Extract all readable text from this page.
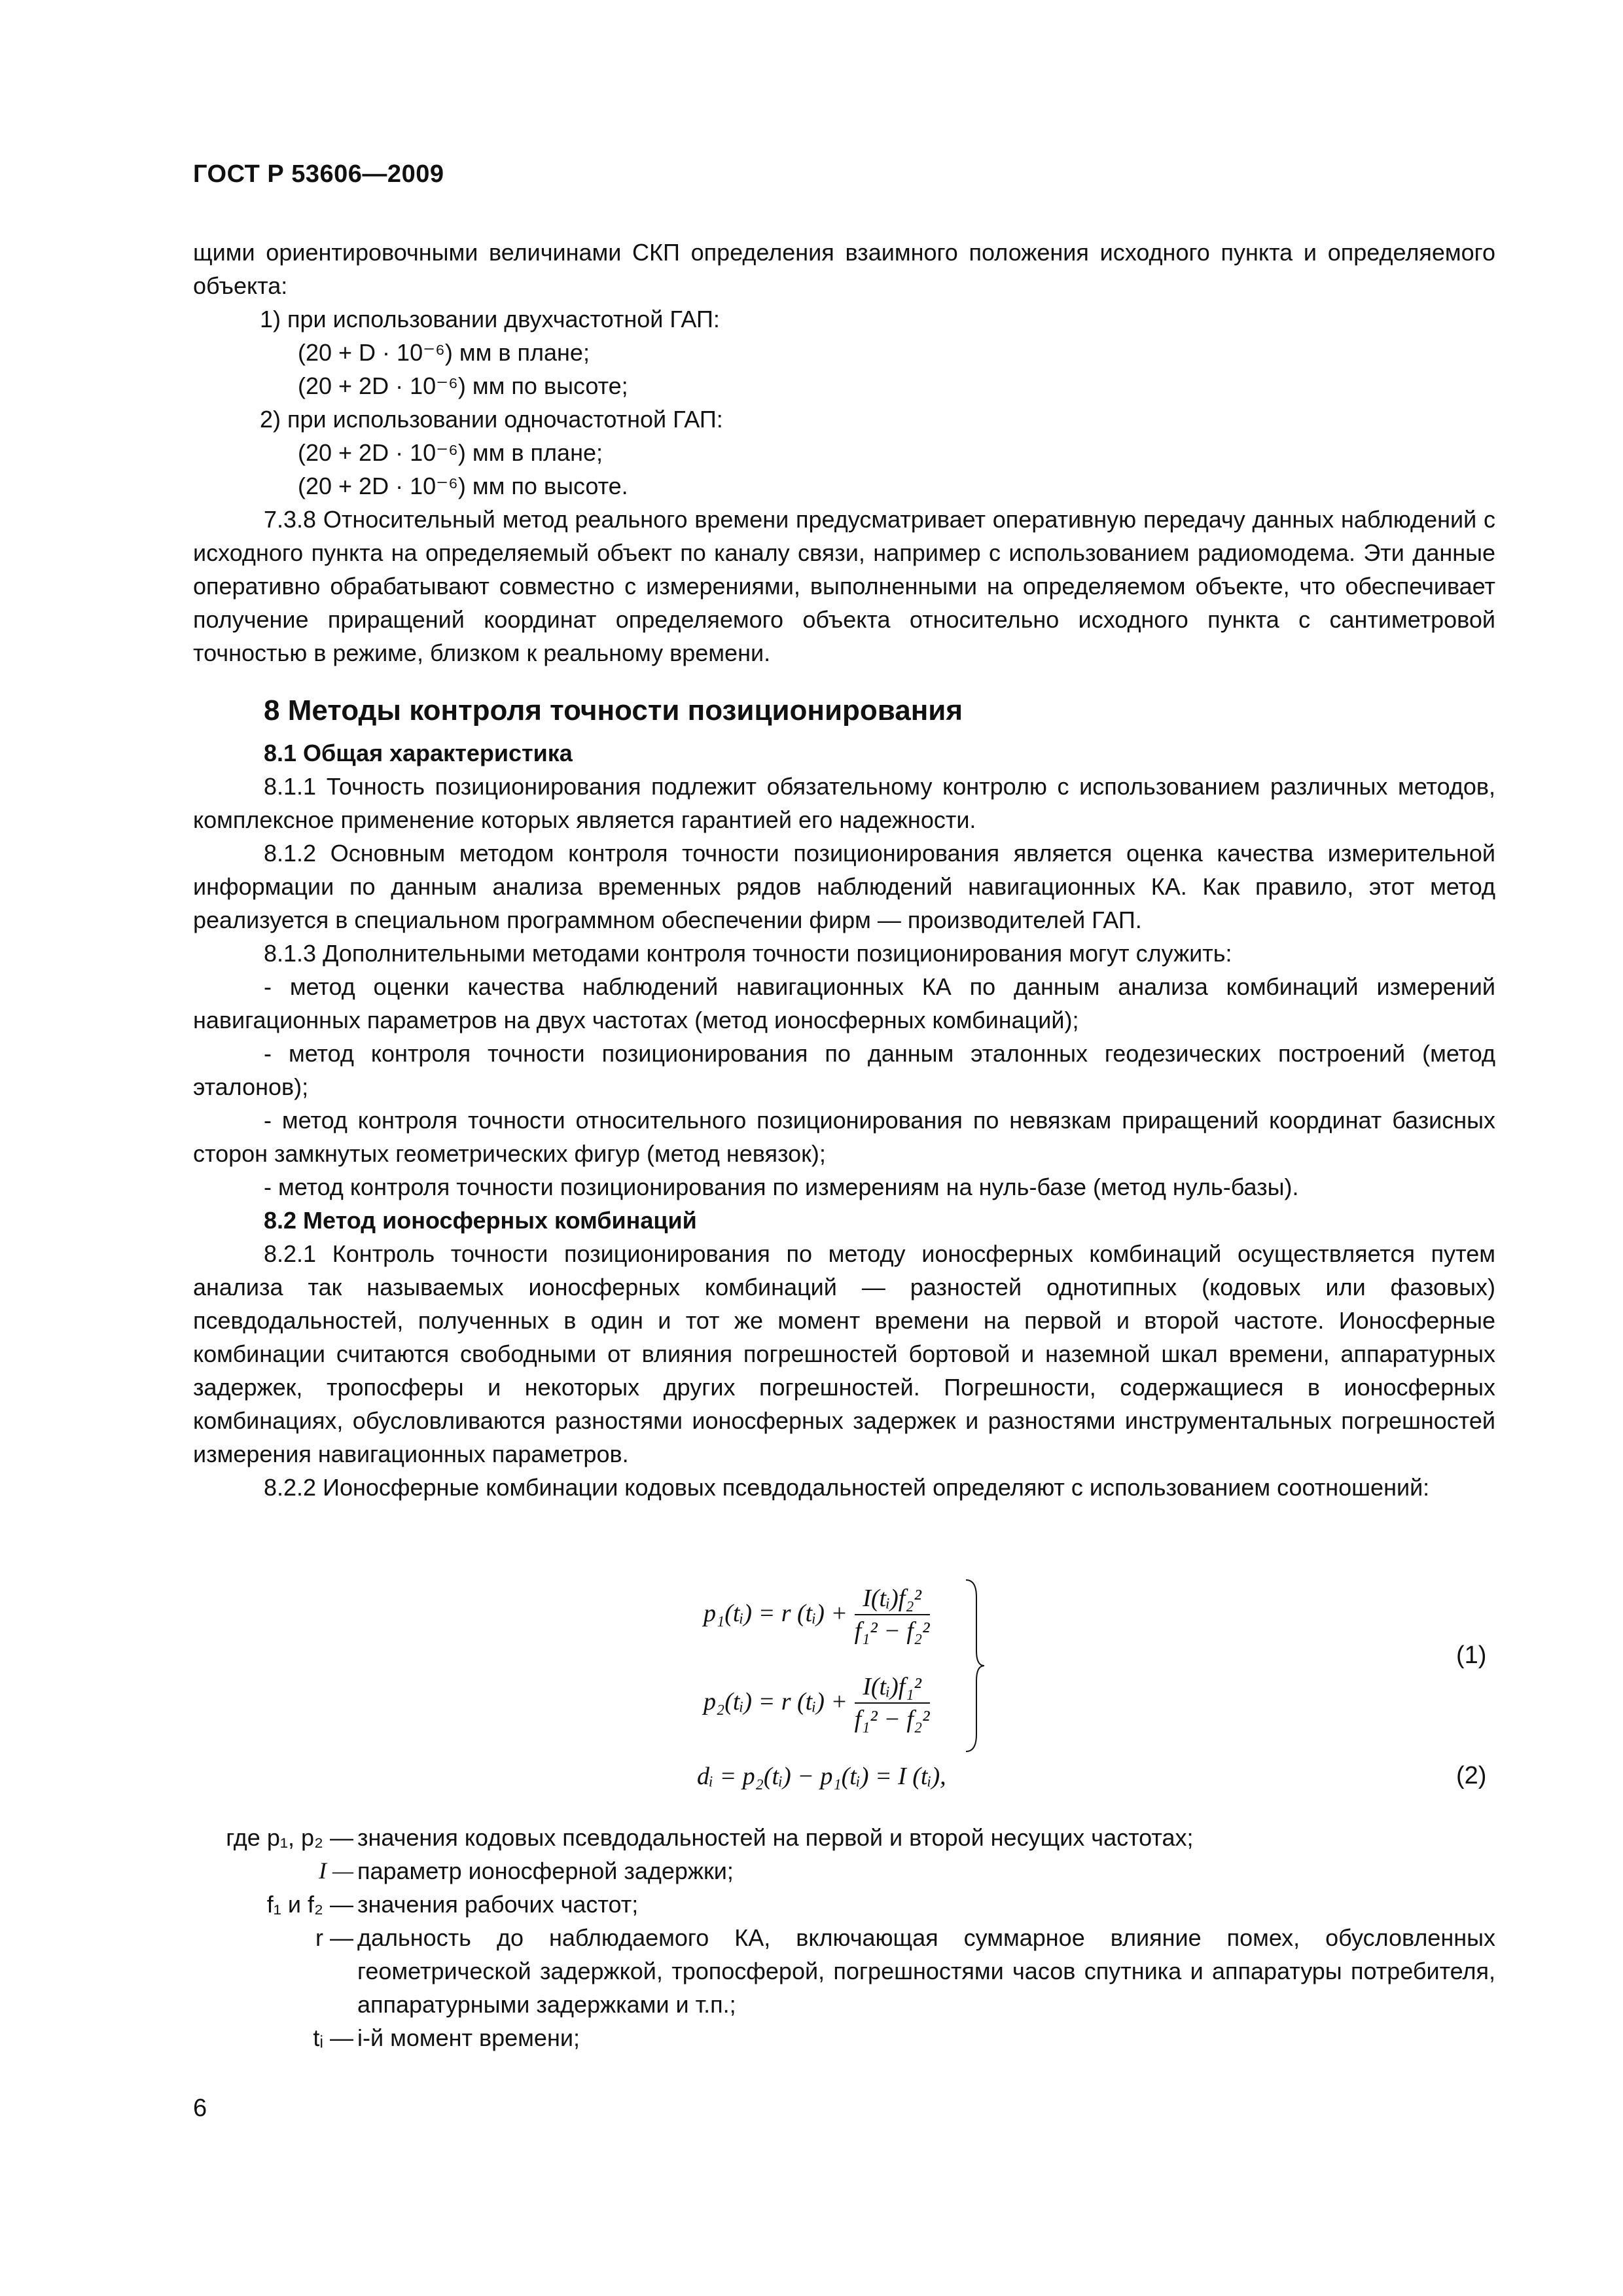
ГОСТ Р 53606—2009

щими ориентировочными величинами СКП определения взаимного положения исходного пункта и определяемого объекта:

1) при использовании двухчастотной ГАП:

(20 + D · 10⁻⁶) мм в плане;

(20 + 2D · 10⁻⁶) мм по высоте;

2) при использовании одночастотной ГАП:

(20 + 2D · 10⁻⁶) мм в плане;

(20 + 2D · 10⁻⁶) мм по высоте.

7.3.8 Относительный метод реального времени предусматривает оперативную передачу данных наблюдений с исходного пункта на определяемый объект по каналу связи, например с использованием радиомодема. Эти данные оперативно обрабатывают совместно с измерениями, выполненными на определяемом объекте, что обеспечивает получение приращений координат определяемого объекта относительно исходного пункта с сантиметровой точностью в режиме, близком к реальному времени.

8 Методы контроля точности позиционирования

8.1 Общая характеристика

8.1.1 Точность позиционирования подлежит обязательному контролю с использованием различных методов, комплексное применение которых является гарантией его надежности.

8.1.2 Основным методом контроля точности позиционирования является оценка качества измерительной информации по данным анализа временных рядов наблюдений навигационных КА. Как правило, этот метод реализуется в специальном программном обеспечении фирм — производителей ГАП.

8.1.3 Дополнительными методами контроля точности позиционирования могут служить:

- метод оценки качества наблюдений навигационных КА по данным анализа комбинаций измерений навигационных параметров на двух частотах (метод ионосферных комбинаций);

- метод контроля точности позиционирования по данным эталонных геодезических построений (метод эталонов);

- метод контроля точности относительного позиционирования по невязкам приращений координат базисных сторон замкнутых геометрических фигур (метод невязок);

- метод контроля точности позиционирования по измерениям на нуль-базе (метод нуль-базы).

8.2 Метод ионосферных комбинаций

8.2.1 Контроль точности позиционирования по методу ионосферных комбинаций осуществляется путем анализа так называемых ионосферных комбинаций — разностей однотипных (кодовых или фазовых) псевдодальностей, полученных в один и тот же момент времени на первой и второй частоте. Ионосферные комбинации считаются свободными от влияния погрешностей бортовой и наземной шкал времени, аппаратурных задержек, тропосферы и некоторых других погрешностей. Погрешности, содержащиеся в ионосферных комбинациях, обусловливаются разностями ионосферных задержек и разностями инструментальных погрешностей измерения навигационных параметров.

8.2.2 Ионосферные комбинации кодовых псевдодальностей определяют с использованием соотношений:

p₁(tᵢ) = r (tᵢ) + $\frac{\text{I(tᵢ)f₂²}}{\text{f₁² − f₂²}}$
p₂(tᵢ) = r (tᵢ) + $\frac{\text{I(tᵢ)f₁²}}{\text{f₁² − f₂²}}$
(1)
dᵢ = p₂(tᵢ) − p₁(tᵢ) = I (tᵢ),	(2)
где p₁, p₂ — значения кодовых псевдодальностей на первой и второй несущих частотах;
I — параметр ионосферной задержки;
f₁ и f₂ — значения рабочих частот;
r — дальность до наблюдаемого КА, включающая суммарное влияние помех, обусловленных геометрической задержкой, тропосферой, погрешностями часов спутника и аппаратуры потребителя, аппаратурными задержками и т.п.;
tᵢ — i-й момент времени;
6
